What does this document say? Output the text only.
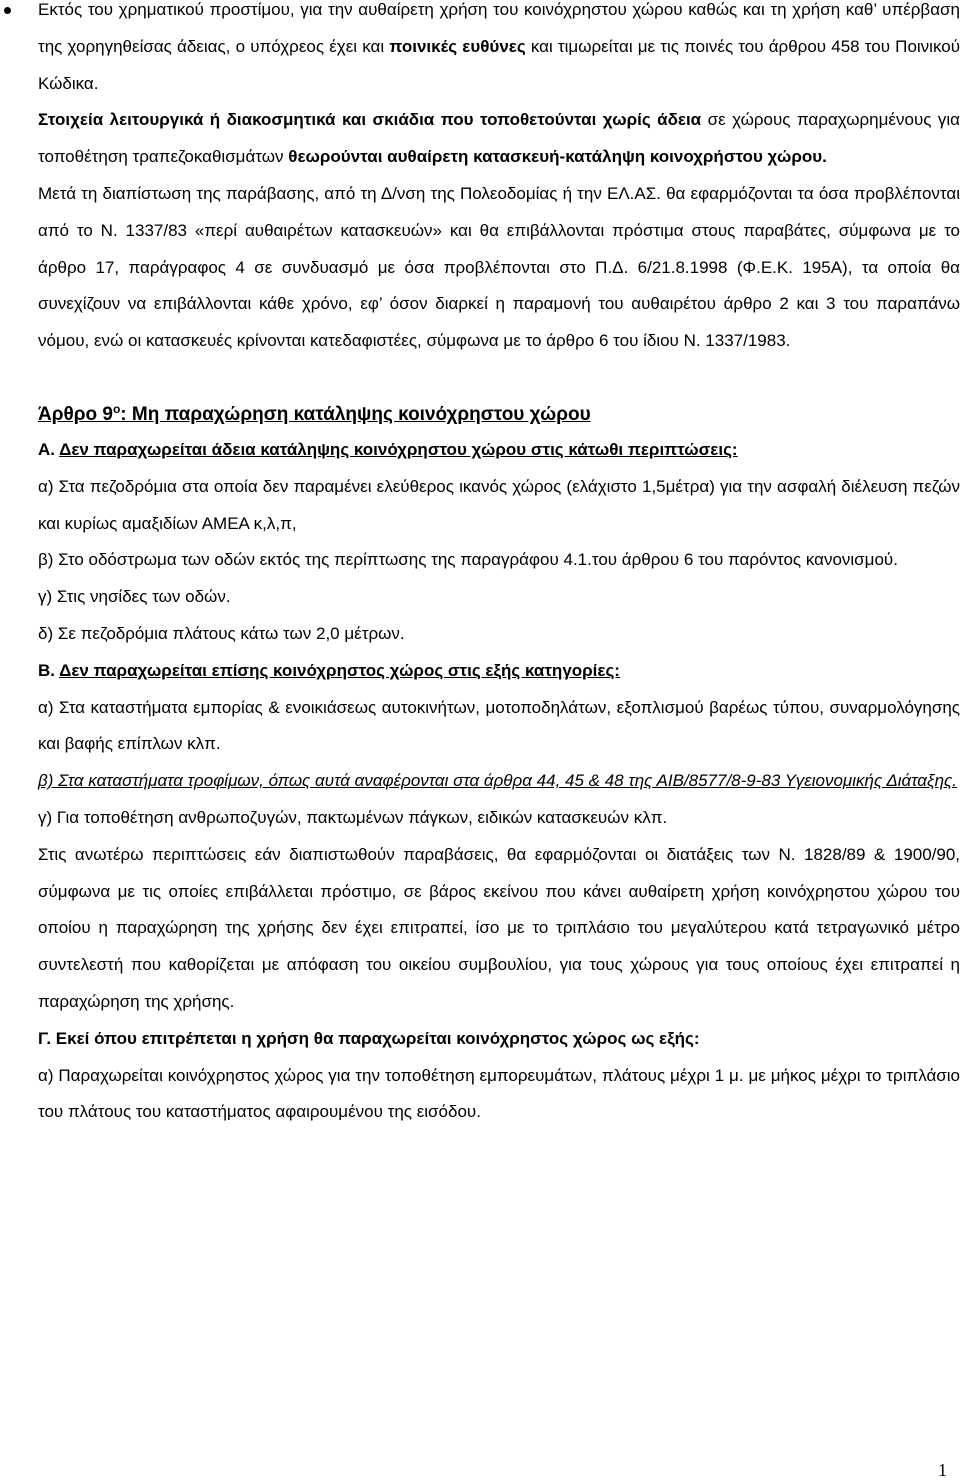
Εκτός του χρηματικού προστίμου, για την αυθαίρετη χρήση του κοινόχρηστου χώρου καθώς και τη χρήση καθ’ υπέρβαση της χορηγηθείσας άδειας, ο υπόχρεος έχει και ποινικές ευθύνες και τιμωρείται με τις ποινές του άρθρου 458 του Ποινικού Κώδικα.

Στοιχεία λειτουργικά ή διακοσμητικά και σκιάδια που τοποθετούνται χωρίς άδεια σε χώρους παραχωρημένους για τοποθέτηση τραπεζοκαθισμάτων θεωρούνται αυθαίρετη κατασκευή-κατάληψη κοινοχρήστου χώρου.

Μετά τη διαπίστωση της παράβασης, από τη Δ/νση της Πολεοδομίας ή την ΕΛ.ΑΣ. θα εφαρμόζονται τα όσα προβλέπονται από το Ν. 1337/83 «περί αυθαιρέτων κατασκευών» και θα επιβάλλονται πρόστιμα στους παραβάτες, σύμφωνα με το άρθρο 17, παράγραφος 4 σε συνδυασμό με όσα προβλέπονται στο Π.Δ. 6/21.8.1998 (Φ.Ε.Κ. 195Α), τα οποία θα συνεχίζουν να επιβάλλονται κάθε χρόνο, εφ’ όσον διαρκεί η παραμονή του αυθαιρέτου άρθρο 2 και 3 του παραπάνω νόμου, ενώ οι κατασκευές κρίνονται κατεδαφιστέες, σύμφωνα με το άρθρο 6 του ίδιου Ν. 1337/1983.

Άρθρο $9^o$: Μη παραχώρηση κατάληψης κοινόχρηστου χώρου

Α. Δεν παραχωρείται άδεια κατάληψης κοινόχρηστου χώρου στις κάτωθι περιπτώσεις:

α) Στα πεζοδρόμια στα οποία δεν παραμένει ελεύθερος ικανός χώρος (ελάχιστο 1,5μέτρα) για την ασφαλή διέλευση πεζών και κυρίως αμαξιδίων ΑΜΕΑ κ,λ,π,

β) Στο οδόστρωμα των οδών εκτός της περίπτωσης της παραγράφου 4.1.του άρθρου 6 του παρόντος κανονισμού.

γ) Στις νησίδες των οδών.

δ) Σε πεζοδρόμια πλάτους κάτω των 2,0 μέτρων.

Β. Δεν παραχωρείται επίσης κοινόχρηστος χώρος στις εξής κατηγορίες:

α) Στα καταστήματα εμπορίας & ενοικιάσεως αυτοκινήτων, μοτοποδηλάτων, εξοπλισμού βαρέως τύπου, συναρμολόγησης και βαφής επίπλων κλπ.

β) Στα καταστήματα τροφίμων, όπως αυτά αναφέρονται στα άρθρα 44, 45 & 48 της ΑΙΒ/8577/8-9-83 Υγειονομικής Διάταξης.

γ) Για τοποθέτηση ανθρωποζυγών, πακτωμένων πάγκων, ειδικών κατασκευών κλπ.

Στις ανωτέρω περιπτώσεις εάν διαπιστωθούν παραβάσεις, θα εφαρμόζονται οι διατάξεις των Ν. 1828/89 & 1900/90, σύμφωνα με τις οποίες επιβάλλεται πρόστιμο, σε βάρος εκείνου που κάνει αυθαίρετη χρήση κοινόχρηστου χώρου του οποίου η παραχώρηση της χρήσης δεν έχει επιτραπεί, ίσο με το τριπλάσιο του μεγαλύτερου κατά τετραγωνικό μέτρο συντελεστή που καθορίζεται με απόφαση του οικείου συμβουλίου, για τους χώρους για τους οποίους έχει επιτραπεί η παραχώρηση της χρήσης.

Γ. Εκεί όπου επιτρέπεται η χρήση θα παραχωρείται κοινόχρηστος χώρος ως εξής:

α) Παραχωρείται κοινόχρηστος χώρος για την τοποθέτηση εμπορευμάτων, πλάτους μέχρι 1 μ. με μήκος μέχρι το τριπλάσιο του πλάτους του καταστήματος αφαιρουμένου της εισόδου.

1
